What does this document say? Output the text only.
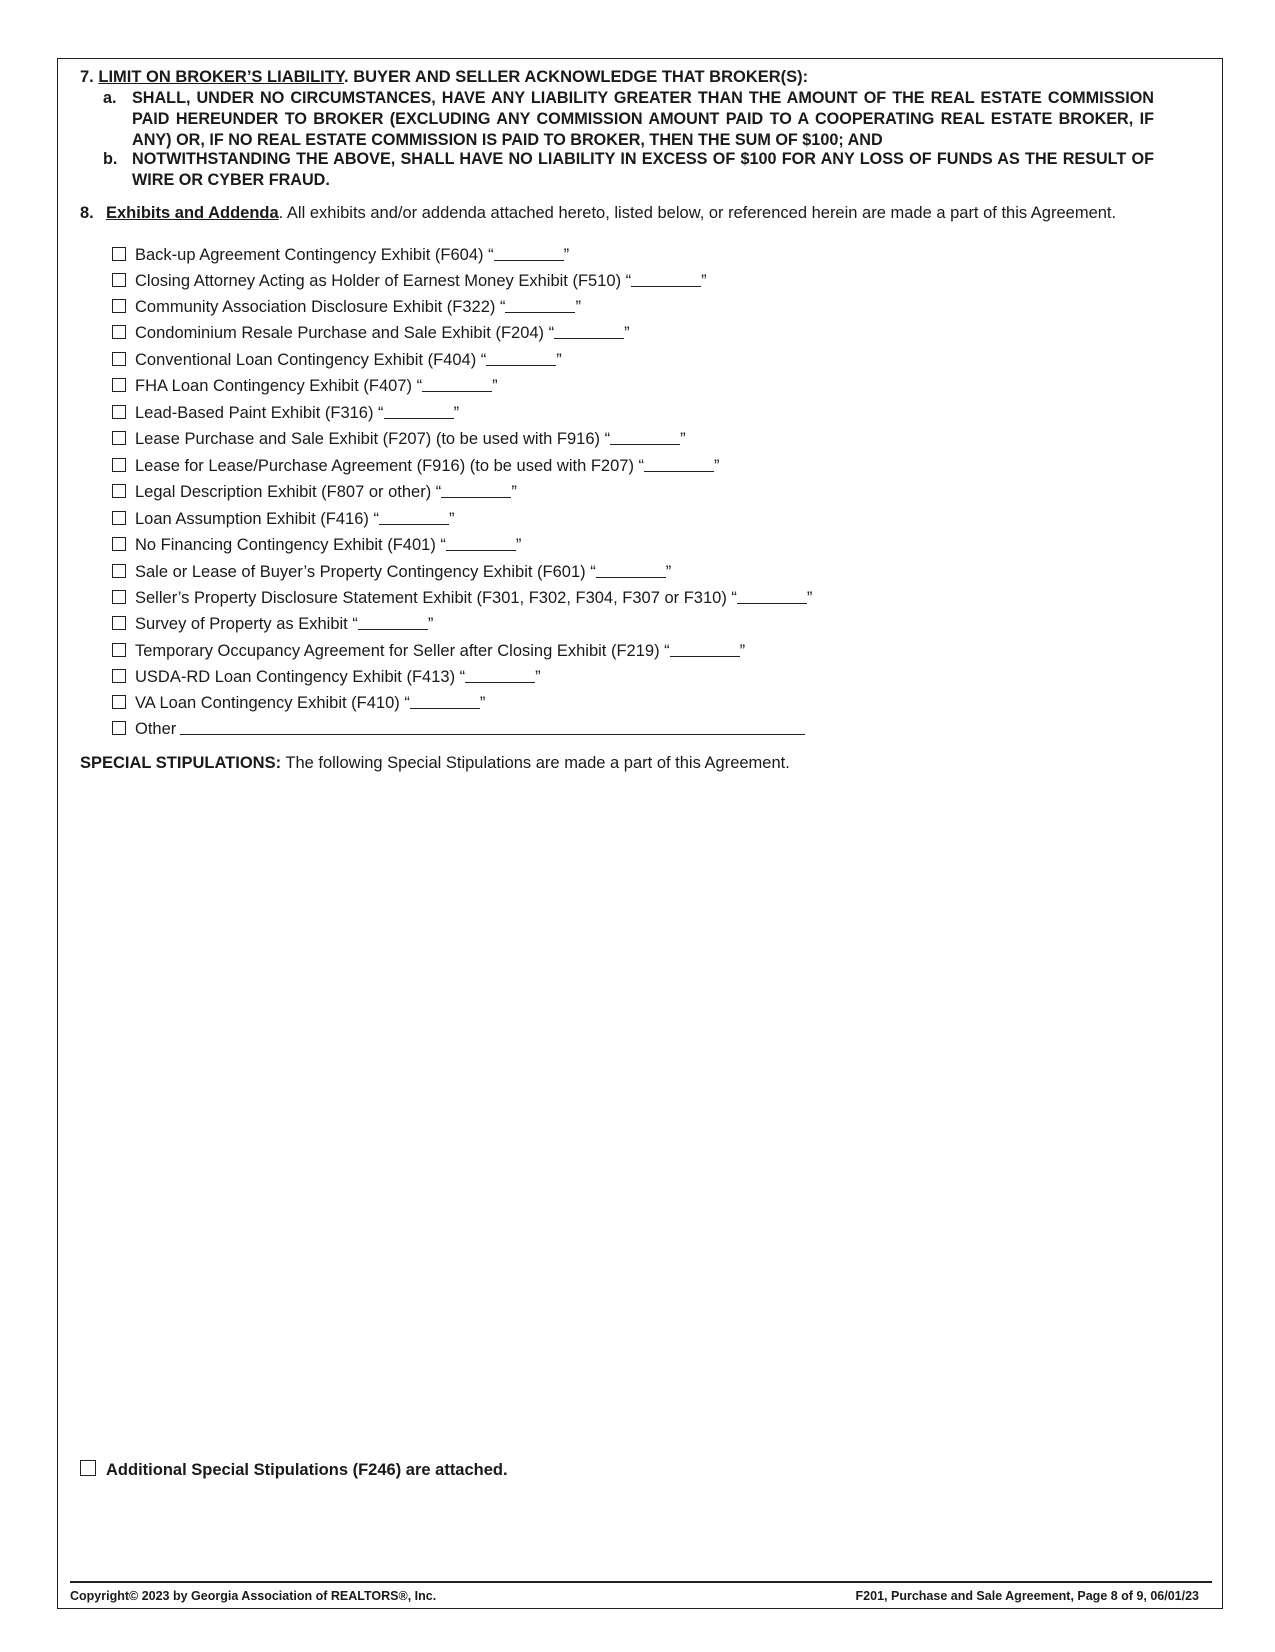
7. LIMIT ON BROKER’S LIABILITY. BUYER AND SELLER ACKNOWLEDGE THAT BROKER(S):
a. SHALL, UNDER NO CIRCUMSTANCES, HAVE ANY LIABILITY GREATER THAN THE AMOUNT OF THE REAL ESTATE COMMISSION PAID HEREUNDER TO BROKER (EXCLUDING ANY COMMISSION AMOUNT PAID TO A COOPERATING REAL ESTATE BROKER, IF ANY) OR, IF NO REAL ESTATE COMMISSION IS PAID TO BROKER, THEN THE SUM OF $100; AND
b. NOTWITHSTANDING THE ABOVE, SHALL HAVE NO LIABILITY IN EXCESS OF $100 FOR ANY LOSS OF FUNDS AS THE RESULT OF WIRE OR CYBER FRAUD.
8. Exhibits and Addenda. All exhibits and/or addenda attached hereto, listed below, or referenced herein are made a part of this Agreement.
Back-up Agreement Contingency Exhibit (F604) “	”
Closing Attorney Acting as Holder of Earnest Money Exhibit (F510) “	”
Community Association Disclosure Exhibit (F322) “	”
Condominium Resale Purchase and Sale Exhibit (F204) “	”
Conventional Loan Contingency Exhibit (F404) “	”
FHA Loan Contingency Exhibit (F407) “	”
Lead-Based Paint Exhibit (F316) “	”
Lease Purchase and Sale Exhibit (F207) (to be used with F916) “	”
Lease for Lease/Purchase Agreement (F916) (to be used with F207) “	”
Legal Description Exhibit (F807 or other) “	”
Loan Assumption Exhibit (F416) “	”
No Financing Contingency Exhibit (F401) “	”
Sale or Lease of Buyer’s Property Contingency Exhibit (F601) “	”
Seller’s Property Disclosure Statement Exhibit (F301, F302, F304, F307 or F310) “	”
Survey of Property as Exhibit “	”
Temporary Occupancy Agreement for Seller after Closing Exhibit (F219) “	”
USDA-RD Loan Contingency Exhibit (F413) “	”
VA Loan Contingency Exhibit (F410) “	”
Other
SPECIAL STIPULATIONS: The following Special Stipulations are made a part of this Agreement.
Additional Special Stipulations (F246) are attached.
Copyright© 2023 by Georgia Association of REALTORS®, Inc.	F201, Purchase and Sale Agreement, Page 8 of 9, 06/01/23
